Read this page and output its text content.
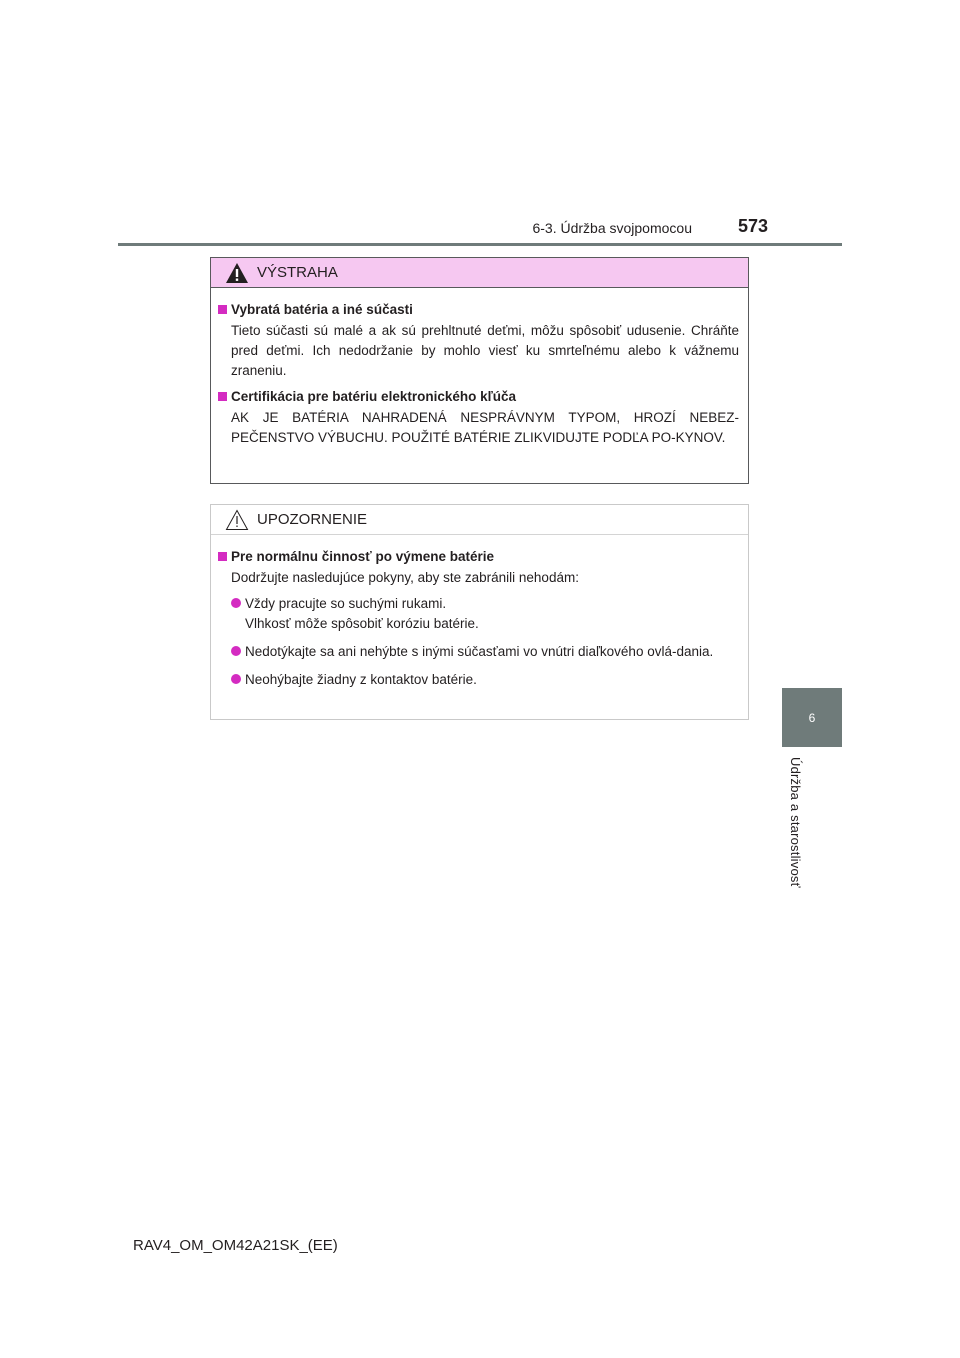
6-3. Údržba svojpomocou	573
6
Údržba a starostlivosť
VÝSTRAHA
Vybratá batéria a iné súčasti
Tieto súčasti sú malé a ak sú prehltnuté deťmi, môžu spôsobiť udusenie. Chráňte pred deťmi. Ich nedodržanie by mohlo viesť ku smrteľnému alebo k vážnemu zraneniu.
Certifikácia pre batériu elektronického kľúča
AK JE BATÉRIA NAHRADENÁ NESPRÁVNYM TYPOM, HROZÍ NEBEZ-PEČENSTVO VÝBUCHU. POUŽITÉ BATÉRIE ZLIKVIDUJTE PODĽA PO-KYNOV.
UPOZORNENIE
Pre normálnu činnosť po výmene batérie
Dodržujte nasledujúce pokyny, aby ste zabránili nehodám:
Vždy pracujte so suchými rukami.
Vlhkosť môže spôsobiť koróziu batérie.
Nedotýkajte sa ani nehýbte s inými súčasťami vo vnútri diaľkového ovlá-dania.
Neohýbajte žiadny z kontaktov batérie.
RAV4_OM_OM42A21SK_(EE)
